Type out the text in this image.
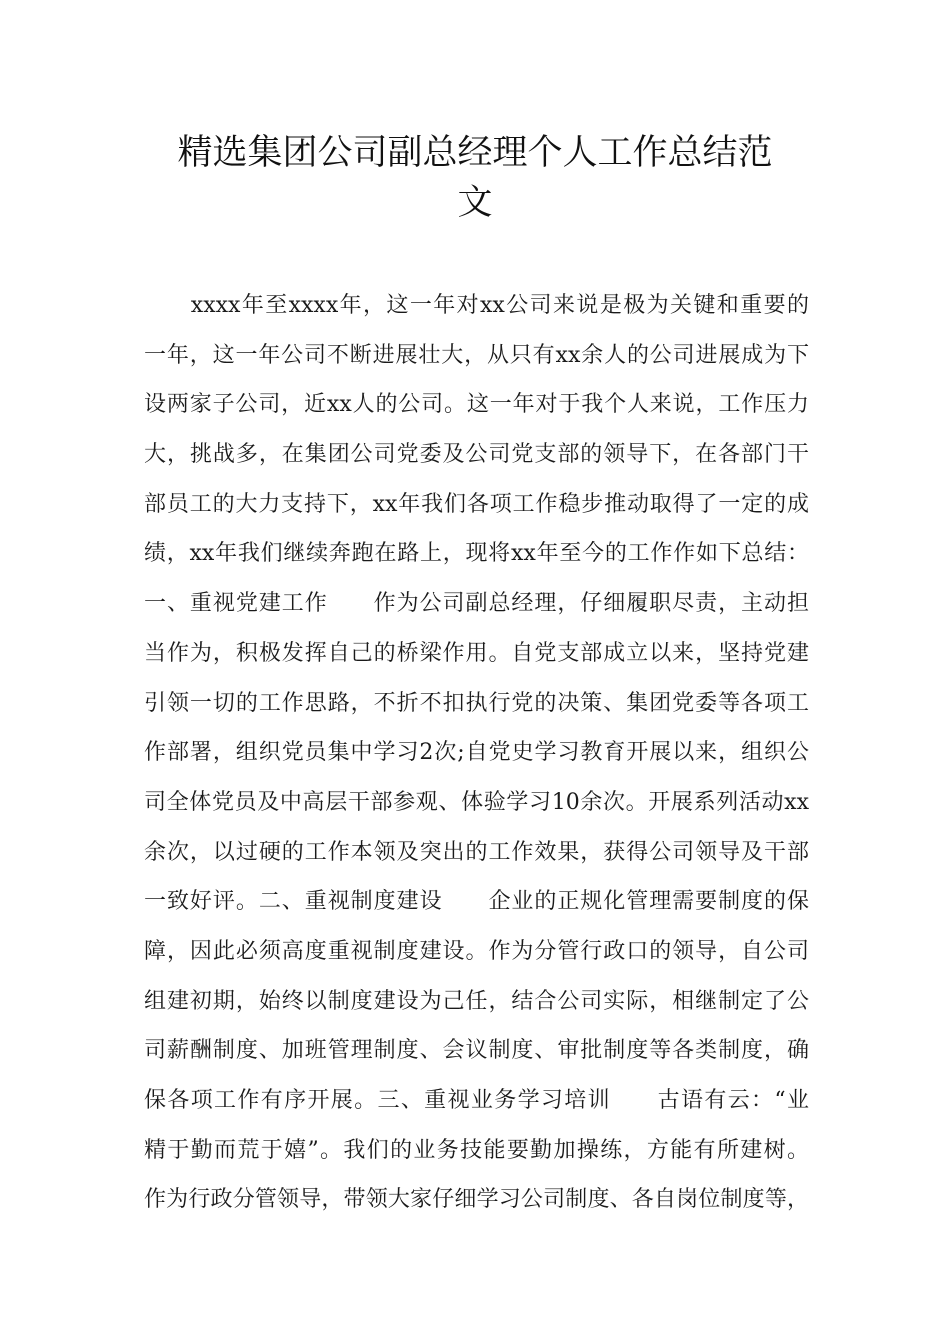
精选集团公司副总经理个人工作总结范
文
　　xxxx年至xxxx年，这一年对xx公司来说是极为关键和重要的
一年，这一年公司不断进展壮大，从只有xx余人的公司进展成为下
设两家子公司，近xx人的公司。这一年对于我个人来说，工作压力
大，挑战多，在集团公司党委及公司党支部的领导下，在各部门干
部员工的大力支持下，xx年我们各项工作稳步推动取得了一定的成
绩，xx年我们继续奔跑在路上，现将xx年至今的工作作如下总结：
一、重视党建工作　　作为公司副总经理，仔细履职尽责，主动担
当作为，积极发挥自己的桥梁作用。自党支部成立以来，坚持党建
引领一切的工作思路，不折不扣执行党的决策、集团党委等各项工
作部署，组织党员集中学习2次;自党史学习教育开展以来，组织公
司全体党员及中高层干部参观、体验学习10余次。开展系列活动xx
余次，以过硬的工作本领及突出的工作效果，获得公司领导及干部
一致好评。二、重视制度建设　　企业的正规化管理需要制度的保
障，因此必须高度重视制度建设。作为分管行政口的领导，自公司
组建初期，始终以制度建设为己任，结合公司实际，相继制定了公
司薪酬制度、加班管理制度、会议制度、审批制度等各类制度，确
保各项工作有序开展。三、重视业务学习培训　　古语有云：“业
精于勤而荒于嬉”。我们的业务技能要勤加操练，方能有所建树。
作为行政分管领导，带领大家仔细学习公司制度、各自岗位制度等，
